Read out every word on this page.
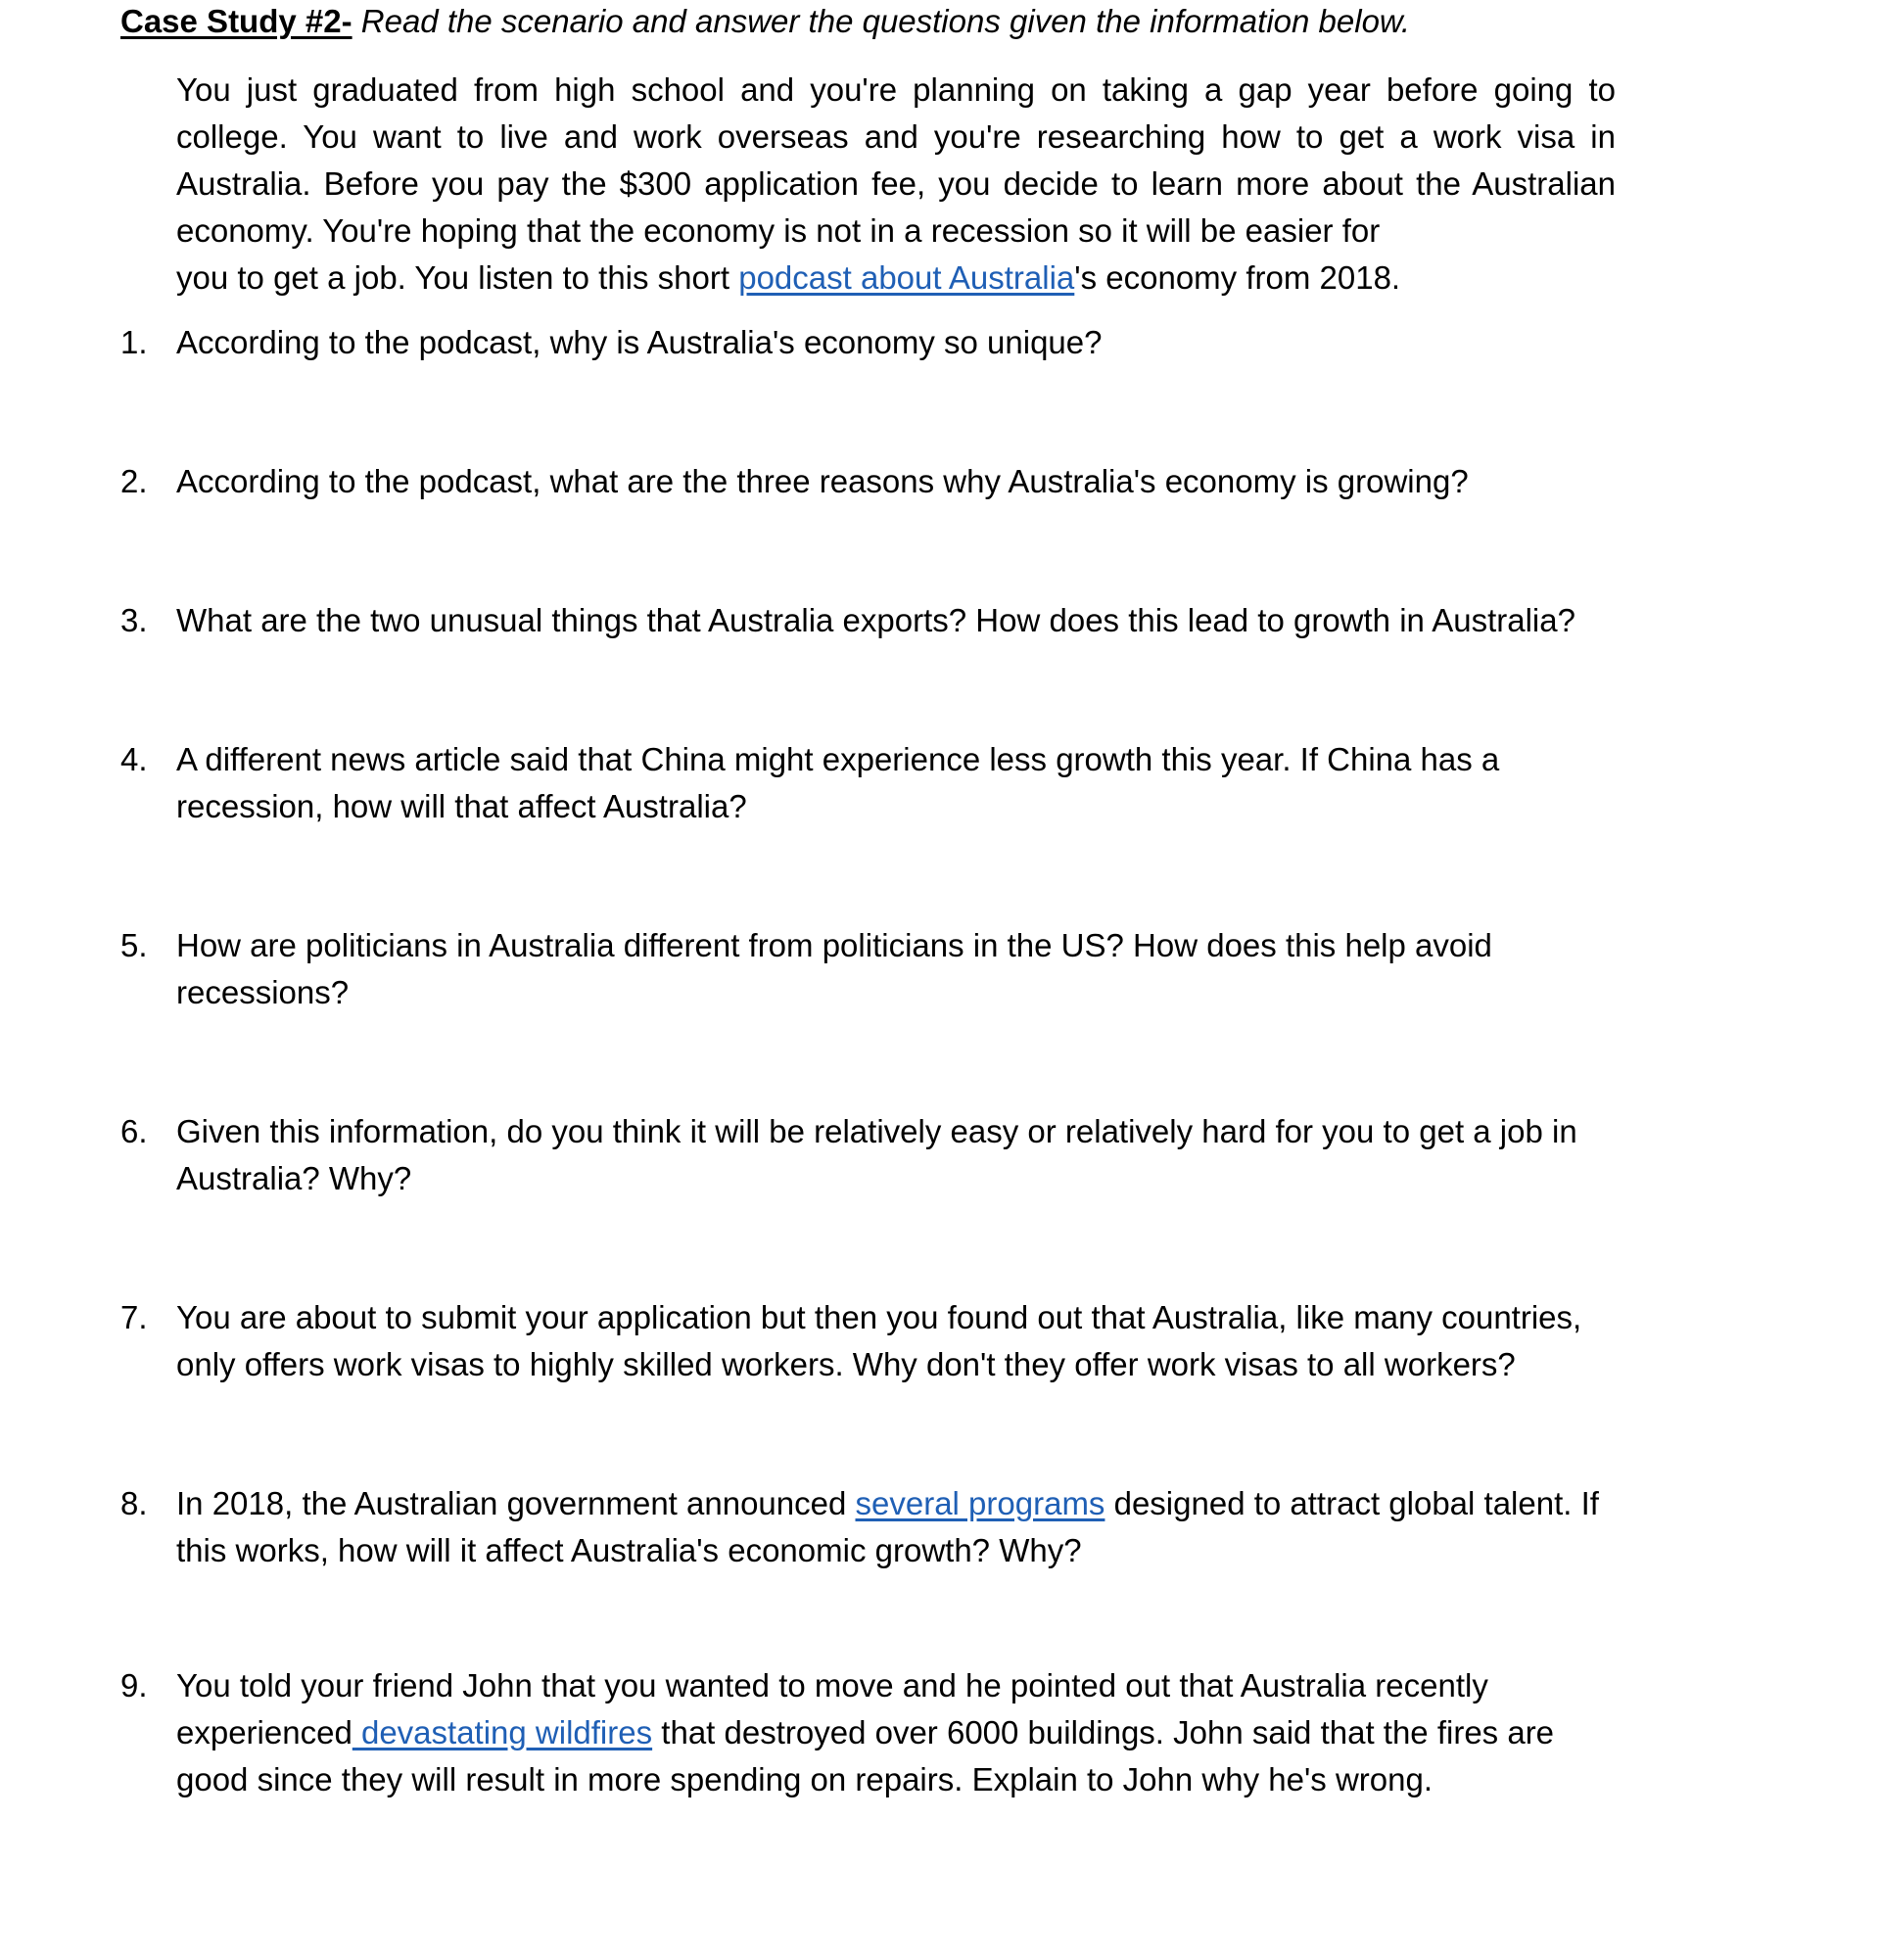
Case Study #2- Read the scenario and answer the questions given the information below.
You just graduated from high school and you're planning on taking a gap year before going to college. You want to live and work overseas and you're researching how to get a work visa in Australia. Before you pay the $300 application fee, you decide to learn more about the Australian economy. You're hoping that the economy is not in a recession so it will be easier for
you to get a job. You listen to this short podcast about Australia's economy from 2018.
1. According to the podcast, why is Australia's economy so unique?
2. According to the podcast, what are the three reasons why Australia's economy is growing?
3. What are the two unusual things that Australia exports? How does this lead to growth in Australia?
4. A different news article said that China might experience less growth this year. If China has a
recession, how will that affect Australia?
5. How are politicians in Australia different from politicians in the US? How does this help avoid
recessions?
6. Given this information, do you think it will be relatively easy or relatively hard for you to get a job in
Australia? Why?
7. You are about to submit your application but then you found out that Australia, like many countries,
only offers work visas to highly skilled workers. Why don't they offer work visas to all workers?
8. In 2018, the Australian government announced several programs designed to attract global talent. If
this works, how will it affect Australia's economic growth? Why?
9. You told your friend John that you wanted to move and he pointed out that Australia recently
experienced devastating wildfires that destroyed over 6000 buildings. John said that the fires are
good since they will result in more spending on repairs. Explain to John why he's wrong.
